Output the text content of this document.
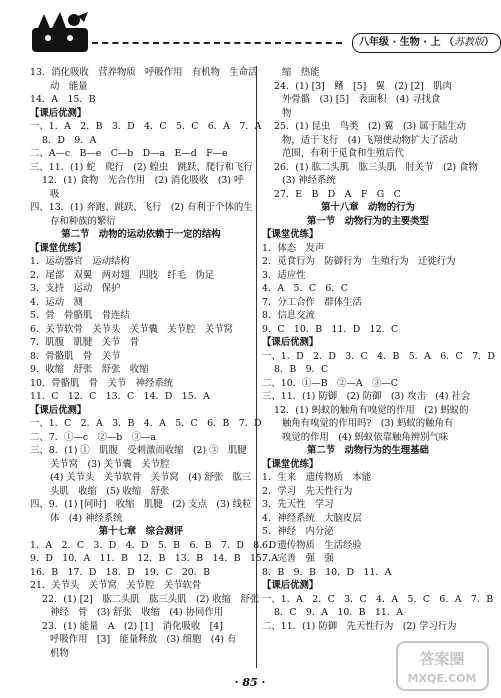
八年级 · 生物 · 上 （苏教版）
13．消化吸收　营养物质　呼吸作用　有机物　生命活
动　能量
14．A　15．B
【课后优测】
一、1．A　2．B　3．D　4．C　5．C　6．A　7．A
8．D　9．A
二、A—c　B—e　C—b　D—a　E—d　F—e
三、11．(1) 蛇　爬行　(2) 蝗虫　跳跃、爬行和飞行
12．(1) 食物　光合作用　(2) 消化吸收　(3) 呼
吸
四、13．(1) 奔跑、跳跃、飞行　(2) 有利于个体的生
存和种族的繁衍
第二节　动物的运动依赖于一定的结构
【课堂优练】
1．运动器官　运动结构
2．尾部　双翼　两对翅　四肢　纤毛　伪足
3．支持　运动　保护
4．运动　测
5．骨　骨骼肌　骨连结
6．关节软骨　关节头　关节囊　关节腔　关节窝
7．肌腹　肌腱　关节　骨
8．骨骼肌　骨　关节
9．收缩　舒张　舒张　收缩
10．骨骼肌　骨　关节　神经系统
11．C　12．C　13．C　14．D　15．A
【课后优测】
一、1．C　2．A　3．B　4．A　5．C　6．B　7．D
二、7．①—c　②—b　③—a
三、8．(1) ①　肌腹　受刺激而收缩　(2) ③　肌腱
关节窝　(3) 关节囊　关节腔
(4) 关节头　关节软骨　关节窝　(4) 舒张　肱三
头肌　收缩　(5) 收缩　舒张
四、9．(1) [同时]　收缩　肌腱　(2) 支点　(3) 线粒
体　(4) 神经系统
第十七章　综合测评
1．A　2．C　3．D　4．D　5．B　6．B　7．D　8．D
9．D　10．A　11．B　12．B　13．B　14．B　15．A
16．B　17．D　18．D　19．C　20．B
21．关节头　关节窝　关节腔　关节软骨
22．(1) [2]　肱二头肌　肱三头肌　(2) 收缩　舒张
神经　骨　(3) 舒张　收缩　(4) 协同作用
23．(1) 能量　A　(2) [1]　消化吸收　[4]
呼吸作用　[3]　能量释放　(3) 细胞　(4) 有
机物
缩　热能
24．(1) [3]　鳍　[5]　翼　(2) [2]　肌肉
外骨骼　(3) [5]　表面积　(4) 寻找食
物
25．(1) 昆虫　鸟类　(2) 翼　(3) 属于陆生动
物，适于飞行　(4) 飞翔使动物扩大了活动
范围，有利于觅食和生殖后代
26．(1) 肱二头肌　肱三头肌　肘关节　(2) 食物
(3) 神经系统
27．E　B　D　A　F　G　C
第十八章　动物的行为
第一节　动物行为的主要类型
【课堂优练】
1．体态　发声
2．觅食行为　防御行为　生殖行为　迁徙行为
3．适应性
4．A　5．C　6．C
7．分工合作　群体生活
8．信息交流
9．C　10．B　11．D　12．C
【课后优测】
一、1．D　2．D　3．C　4．B　5．A　6．C　7．D
8．B　9．C
二、10．①—B　②—A　③—C
三、11．(1) 防御　(2) 防御　(3) 攻击　(4) 社会
12．(1) 蚂蚁的触角有嗅觉的作用　(2) 蚂蚁的
触角有嗅觉的作用吗?　(3) 蚂蚁的触角有
嗅觉的作用　(4) 蚂蚁依靠触角辨别气味
第二节　动物行为的生理基础
【课堂优练】
1．生来　遗传物质　本能
2．学习　先天性行为
3．先天性　学习
4．神经系统　大脑皮层
5．神经　内分泌
6．遗传物质　生活经验
7．完善　强　强
8．B　9．B　10．D　11．A
【课后优测】
一、1．A　2．C　3．C　4．A　5．C　6．A　7．B
8．C　9．A　10．B　11．A
二、11．(1) 防御　先天性行为　(2) 学习行为
· 85 ·
答案圈
MXQE.COM
